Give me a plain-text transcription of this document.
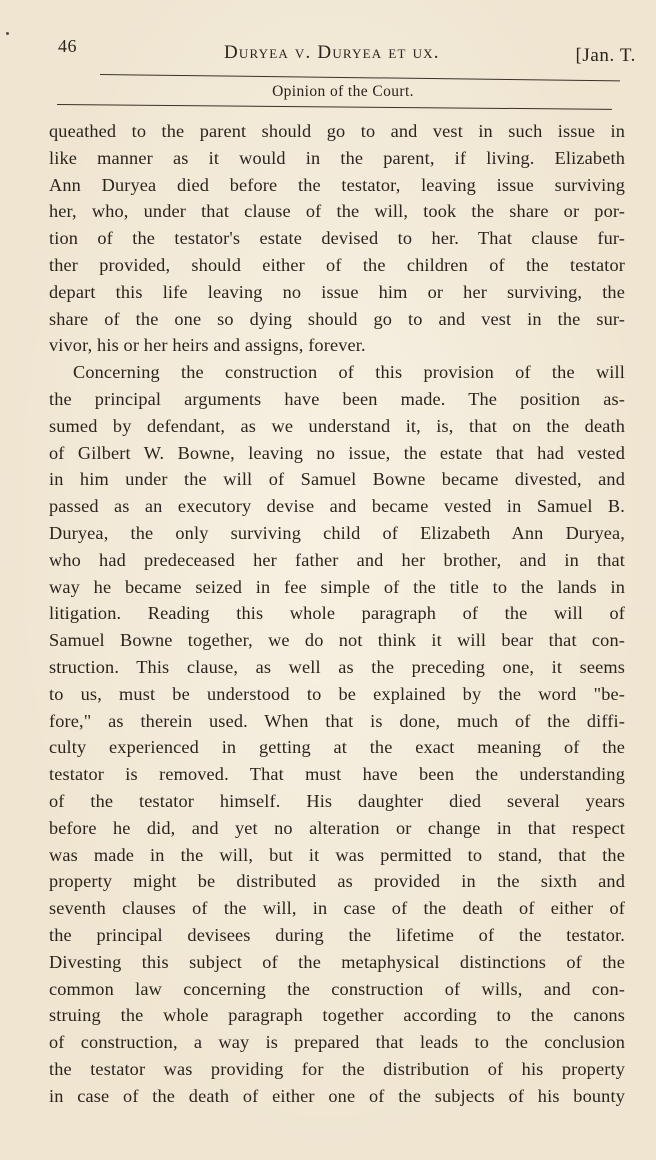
46	Duryea v. Duryea et ux.	[Jan. T.
Opinion of the Court.
queathed to the parent should go to and vest in such issue in
like manner as it would in the parent, if living. Elizabeth
Ann Duryea died before the testator, leaving issue surviving
her, who, under that clause of the will, took the share or por-
tion of the testator's estate devised to her. That clause fur-
ther provided, should either of the children of the testator
depart this life leaving no issue him or her surviving, the
share of the one so dying should go to and vest in the sur-
vivor, his or her heirs and assigns, forever.
Concerning the construction of this provision of the will
the principal arguments have been made. The position as-
sumed by defendant, as we understand it, is, that on the death
of Gilbert W. Bowne, leaving no issue, the estate that had vested
in him under the will of Samuel Bowne became divested, and
passed as an executory devise and became vested in Samuel B.
Duryea, the only surviving child of Elizabeth Ann Duryea,
who had predeceased her father and her brother, and in that
way he became seized in fee simple of the title to the lands in
litigation. Reading this whole paragraph of the will of
Samuel Bowne together, we do not think it will bear that con-
struction. This clause, as well as the preceding one, it seems
to us, must be understood to be explained by the word "be-
fore," as therein used. When that is done, much of the diffi-
culty experienced in getting at the exact meaning of the
testator is removed. That must have been the understanding
of the testator himself. His daughter died several years
before he did, and yet no alteration or change in that respect
was made in the will, but it was permitted to stand, that the
property might be distributed as provided in the sixth and
seventh clauses of the will, in case of the death of either of
the principal devisees during the lifetime of the testator.
Divesting this subject of the metaphysical distinctions of the
common law concerning the construction of wills, and con-
struing the whole paragraph together according to the canons
of construction, a way is prepared that leads to the conclusion
the testator was providing for the distribution of his property
in case of the death of either one of the subjects of his bounty
